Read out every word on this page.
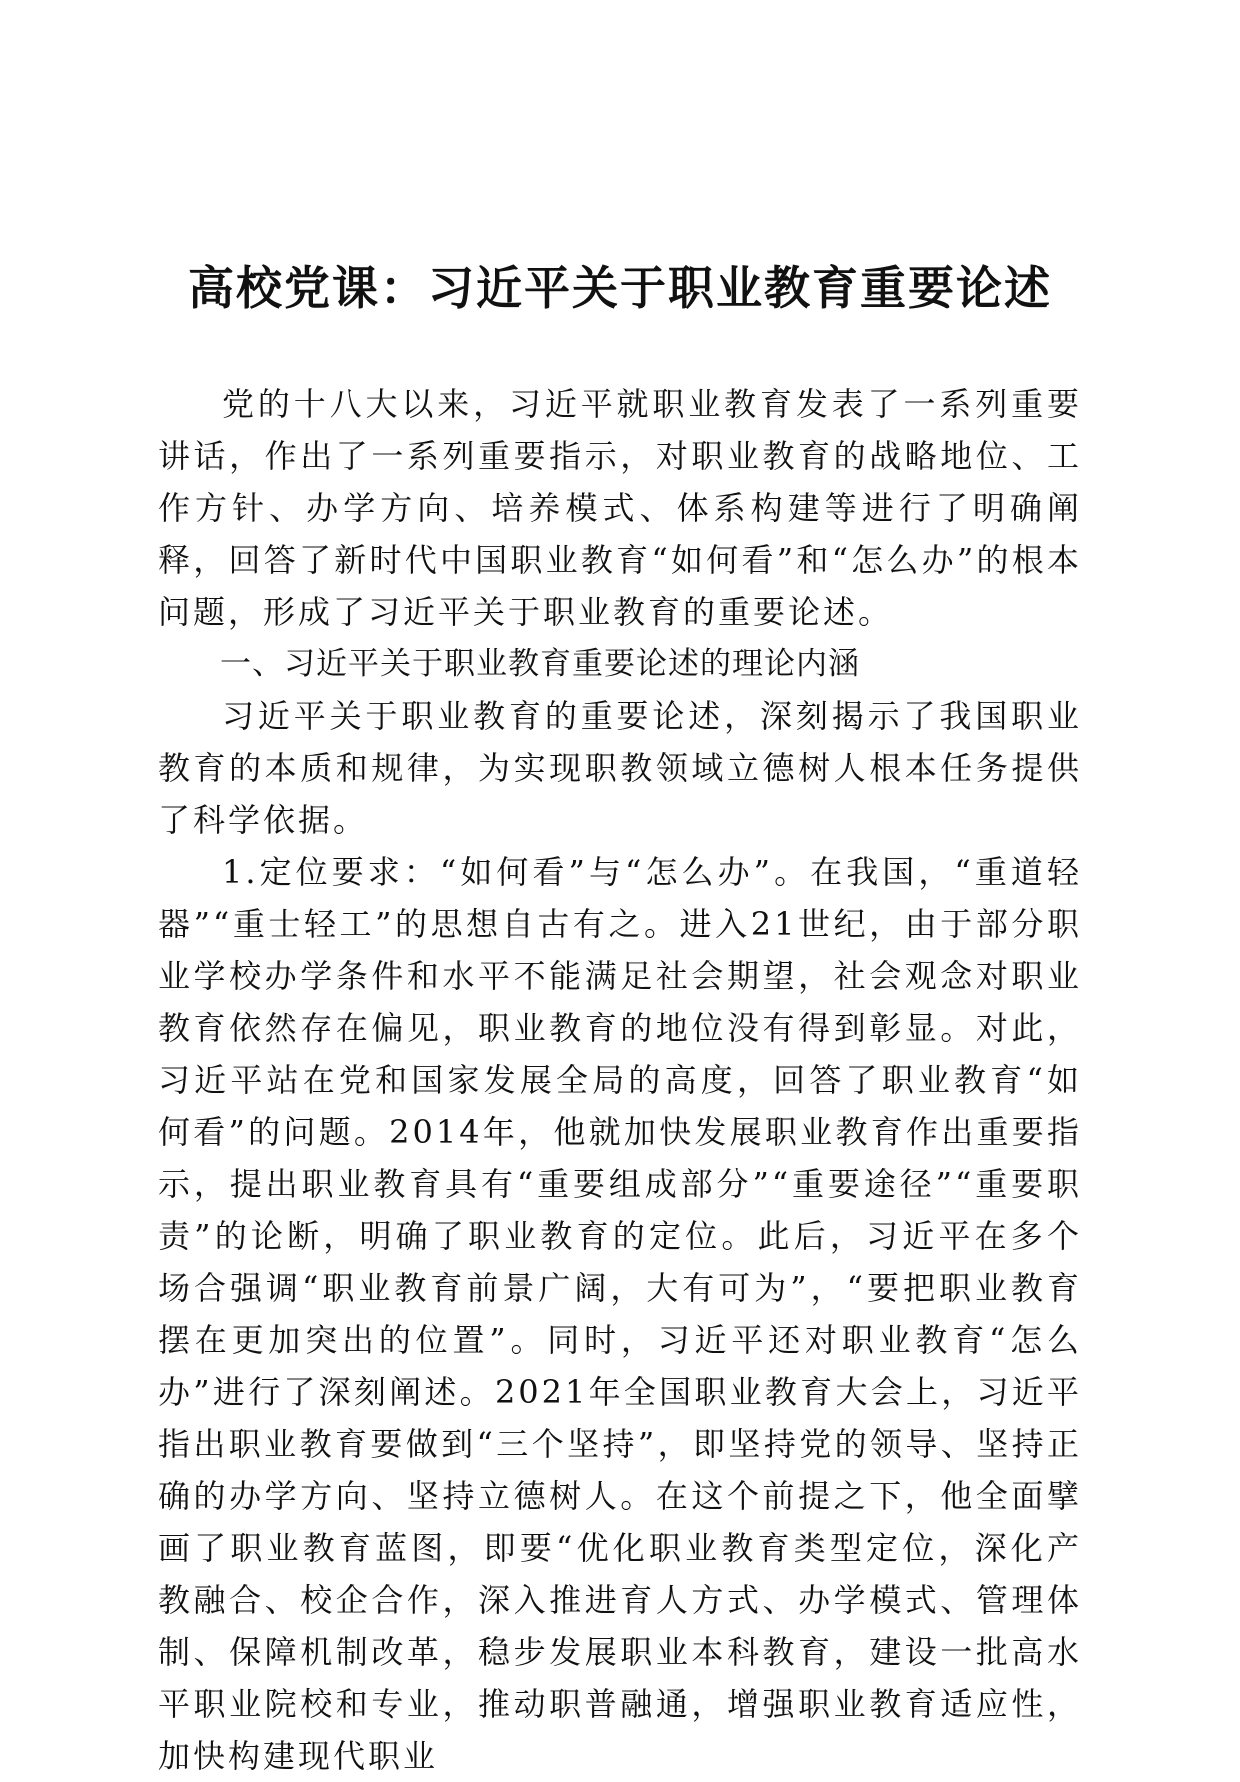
高校党课：习近平关于职业教育重要论述

党的十八大以来，习近平就职业教育发表了一系列重要讲话，作出了一系列重要指示，对职业教育的战略地位、工作方针、办学方向、培养模式、体系构建等进行了明确阐释，回答了新时代中国职业教育“如何看”和“怎么办”的根本问题，形成了习近平关于职业教育的重要论述。

一、习近平关于职业教育重要论述的理论内涵

习近平关于职业教育的重要论述，深刻揭示了我国职业教育的本质和规律，为实现职教领域立德树人根本任务提供了科学依据。

1.定位要求：“如何看”与“怎么办”。在我国，“重道轻器”“重士轻工”的思想自古有之。进入21世纪，由于部分职业学校办学条件和水平不能满足社会期望，社会观念对职业教育依然存在偏见，职业教育的地位没有得到彰显。对此，习近平站在党和国家发展全局的高度，回答了职业教育“如何看”的问题。2014年，他就加快发展职业教育作出重要指示，提出职业教育具有“重要组成部分”“重要途径”“重要职责”的论断，明确了职业教育的定位。此后，习近平在多个场合强调“职业教育前景广阔，大有可为”，“要把职业教育摆在更加突出的位置”。同时，习近平还对职业教育“怎么办”进行了深刻阐述。2021年全国职业教育大会上，习近平指出职业教育要做到“三个坚持”，即坚持党的领导、坚持正确的办学方向、坚持立德树人。在这个前提之下，他全面擘画了职业教育蓝图，即要“优化职业教育类型定位，深化产教融合、校企合作，深入推进育人方式、办学模式、管理体制、保障机制改革，稳步发展职业本科教育，建设一批高水平职业院校和专业，推动职普融通，增强职业教育适应性，加快构建现代职业
